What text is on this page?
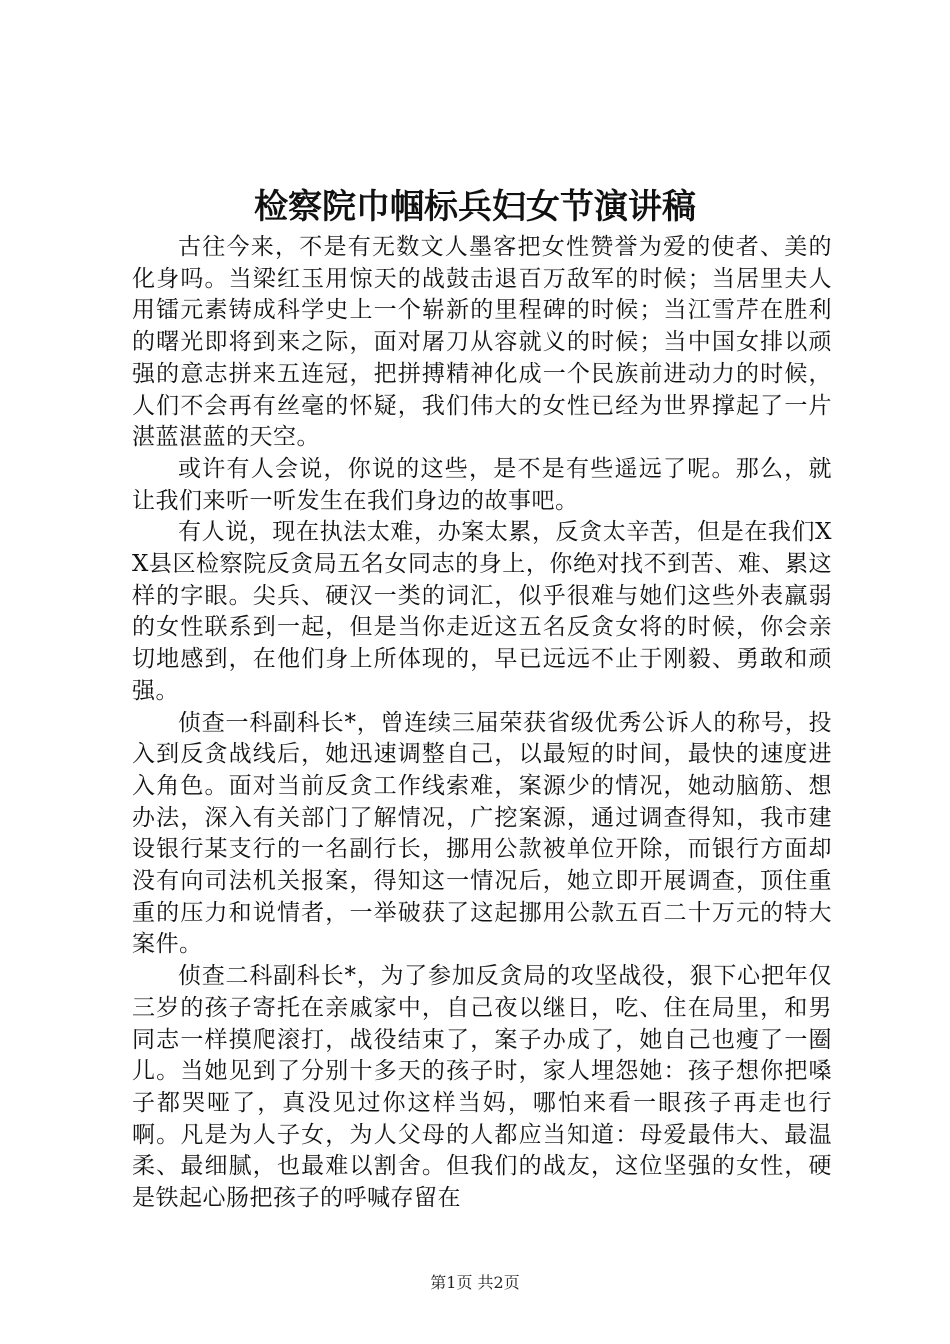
检察院巾帼标兵妇女节演讲稿

古往今来，不是有无数文人墨客把女性赞誉为爱的使者、美的化身吗。当梁红玉用惊天的战鼓击退百万敌军的时候；当居里夫人用镭元素铸成科学史上一个崭新的里程碑的时候；当江雪芹在胜利的曙光即将到来之际，面对屠刀从容就义的时候；当中国女排以顽强的意志拼来五连冠，把拼搏精神化成一个民族前进动力的时候，人们不会再有丝毫的怀疑，我们伟大的女性已经为世界撑起了一片湛蓝湛蓝的天空。

或许有人会说，你说的这些，是不是有些遥远了呢。那么，就让我们来听一听发生在我们身边的故事吧。

有人说，现在执法太难，办案太累，反贪太辛苦，但是在我们XX县区检察院反贪局五名女同志的身上，你绝对找不到苦、难、累这样的字眼。尖兵、硬汉一类的词汇，似乎很难与她们这些外表羸弱的女性联系到一起，但是当你走近这五名反贪女将的时候，你会亲切地感到，在他们身上所体现的，早已远远不止于刚毅、勇敢和顽强。

侦查一科副科长*，曾连续三届荣获省级优秀公诉人的称号，投入到反贪战线后，她迅速调整自己，以最短的时间，最快的速度进入角色。面对当前反贪工作线索难，案源少的情况，她动脑筋、想办法，深入有关部门了解情况，广挖案源，通过调查得知，我市建设银行某支行的一名副行长，挪用公款被单位开除，而银行方面却没有向司法机关报案，得知这一情况后，她立即开展调查，顶住重重的压力和说情者，一举破获了这起挪用公款五百二十万元的特大案件。

侦查二科副科长*，为了参加反贪局的攻坚战役，狠下心把年仅三岁的孩子寄托在亲戚家中，自己夜以继日，吃、住在局里，和男同志一样摸爬滚打，战役结束了，案子办成了，她自己也瘦了一圈儿。当她见到了分别十多天的孩子时，家人埋怨她：孩子想你把嗓子都哭哑了，真没见过你这样当妈，哪怕来看一眼孩子再走也行啊。凡是为人子女，为人父母的人都应当知道：母爱最伟大、最温柔、最细腻，也最难以割舍。但我们的战友，这位坚强的女性，硬是铁起心肠把孩子的呼喊存留在

第1页 共2页
